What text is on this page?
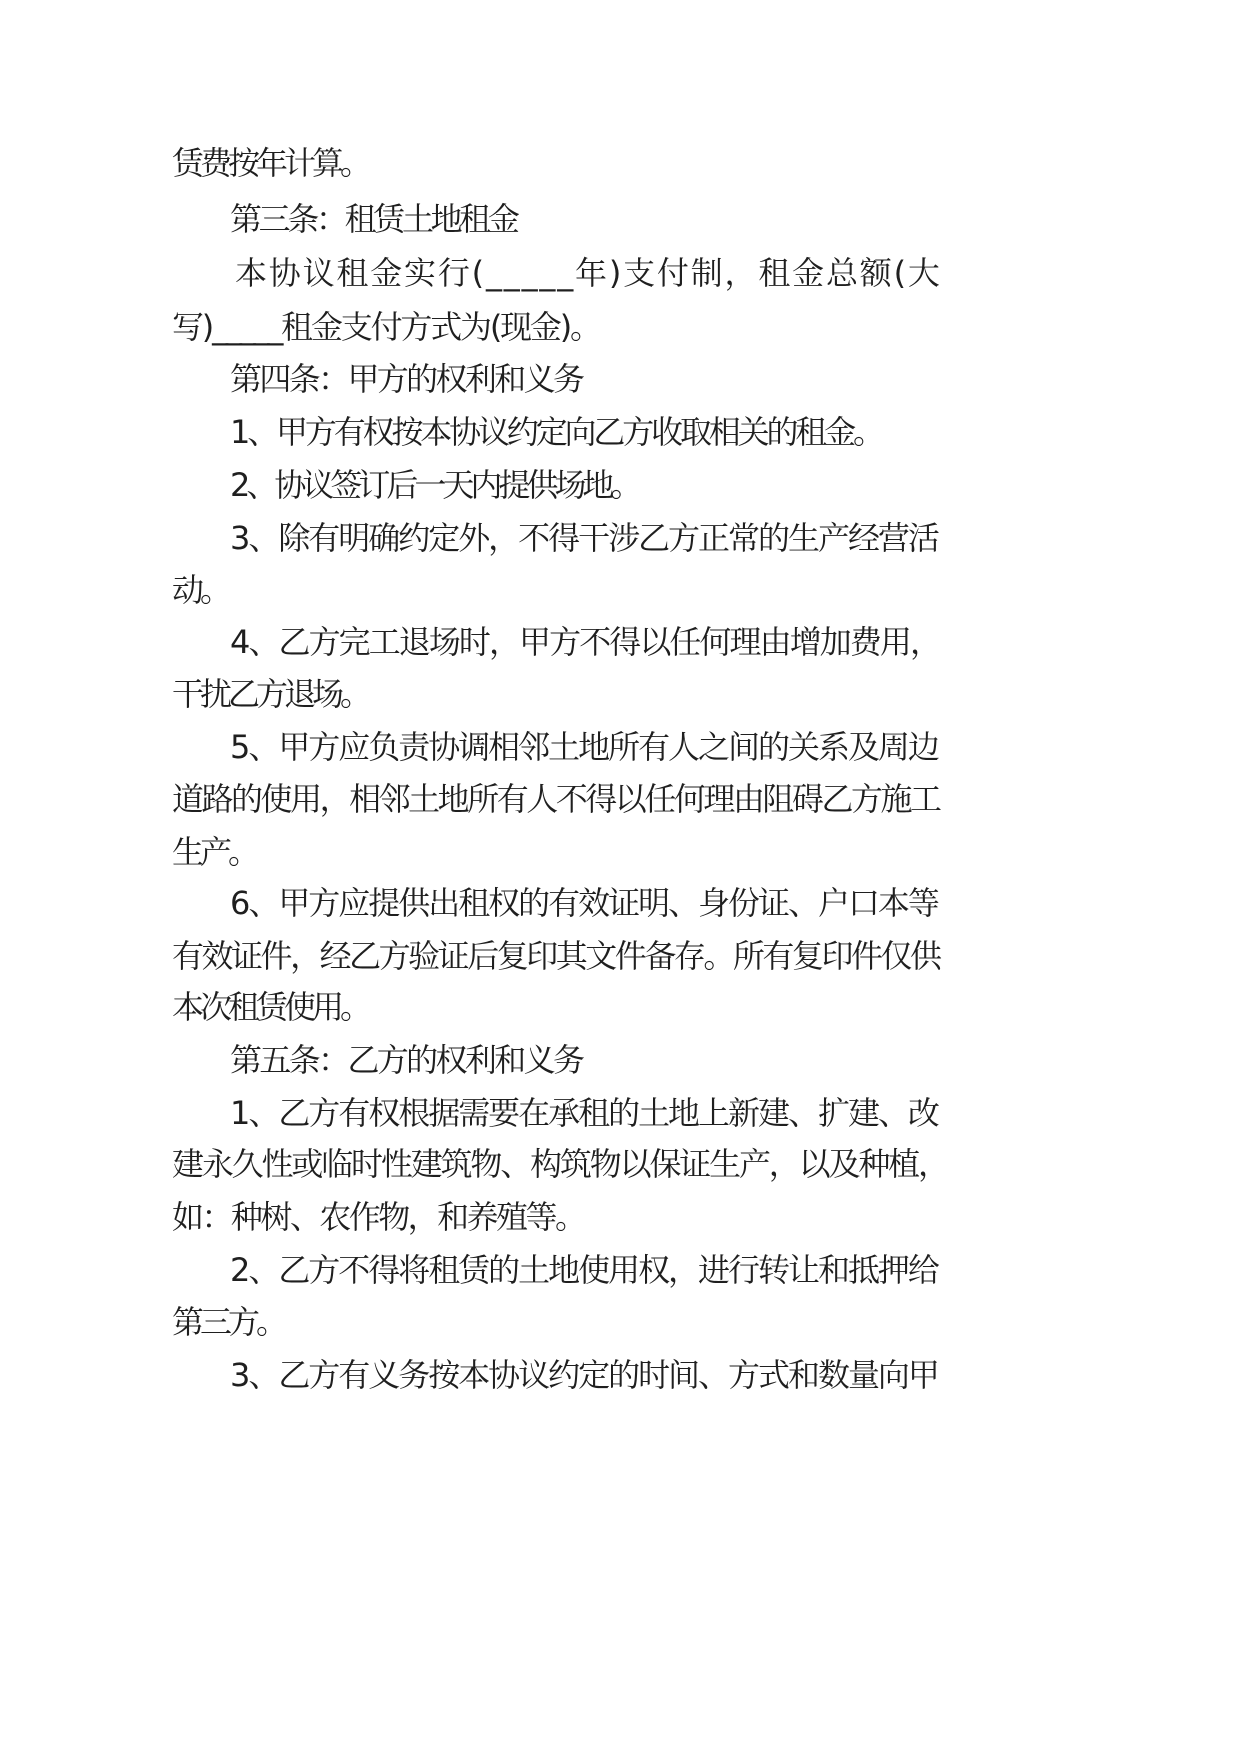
赁费按年计算。

第三条：租赁土地租金

本协议租金实行(_____年)支付制，租金总额(大

写)_____租金支付方式为(现金)。

第四条：甲方的权利和义务

1、甲方有权按本协议约定向乙方收取相关的租金。

2、协议签订后一天内提供场地。

3、除有明确约定外，不得干涉乙方正常的生产经营活

动。

4、乙方完工退场时，甲方不得以任何理由增加费用，

干扰乙方退场。

5、甲方应负责协调相邻土地所有人之间的关系及周边

道路的使用，相邻土地所有人不得以任何理由阻碍乙方施工

生产。

6、甲方应提供出租权的有效证明、身份证、户口本等

有效证件，经乙方验证后复印其文件备存。所有复印件仅供

本次租赁使用。

第五条：乙方的权利和义务

1、乙方有权根据需要在承租的土地上新建、扩建、改

建永久性或临时性建筑物、构筑物以保证生产，以及种植，

如：种树、农作物，和养殖等。

2、乙方不得将租赁的土地使用权，进行转让和抵押给

第三方。

3、乙方有义务按本协议约定的时间、方式和数量向甲
